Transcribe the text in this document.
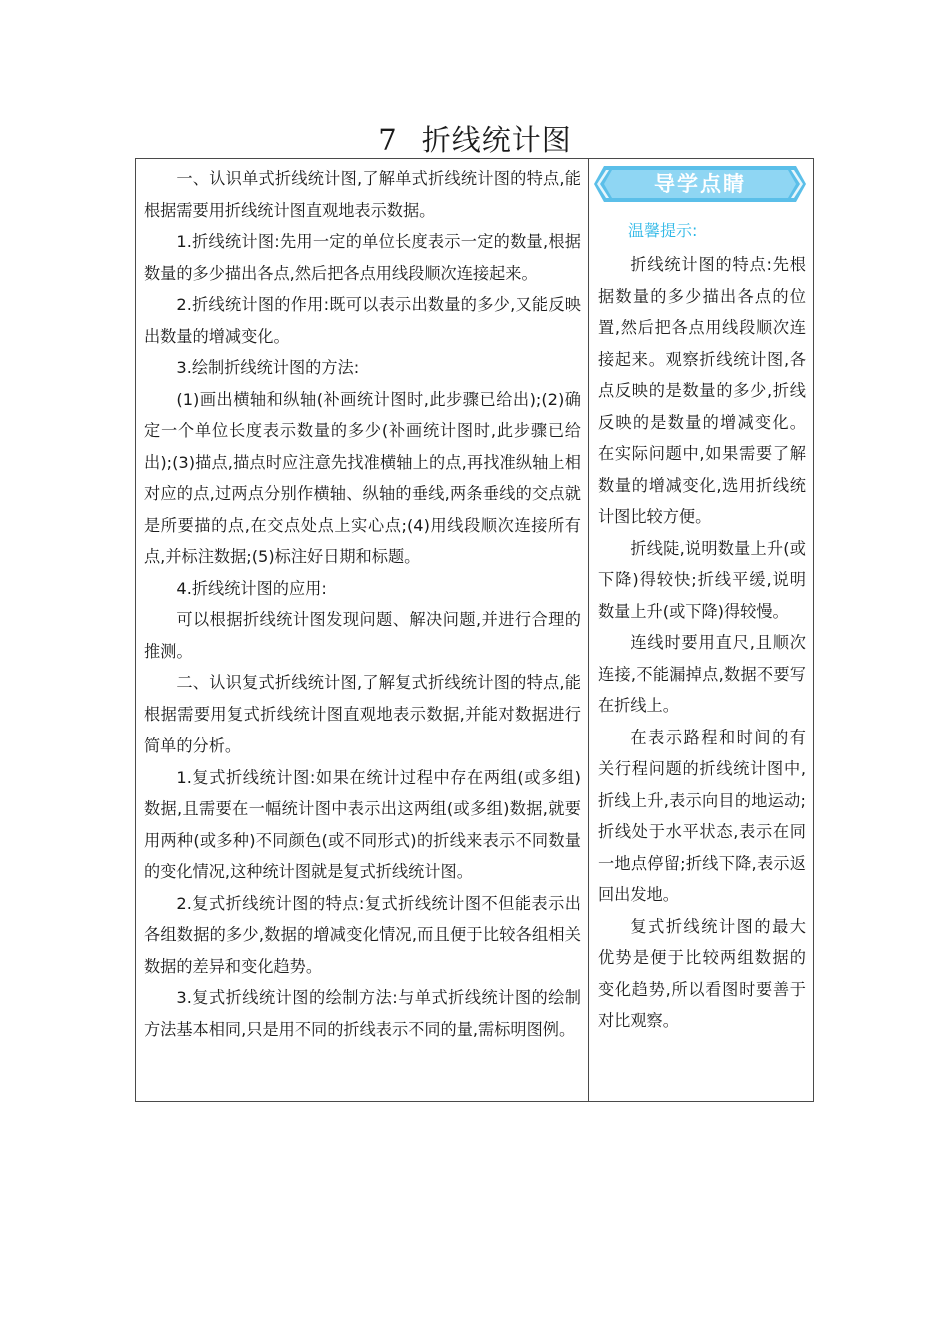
7 折线统计图

一、认识单式折线统计图,了解单式折线统计图的特点,能根据需要用折线统计图直观地表示数据。

1.折线统计图:先用一定的单位长度表示一定的数量,根据数量的多少描出各点,然后把各点用线段顺次连接起来。

2.折线统计图的作用:既可以表示出数量的多少,又能反映出数量的增减变化。

3.绘制折线统计图的方法:

(1)画出横轴和纵轴(补画统计图时,此步骤已给出);(2)确定一个单位长度表示数量的多少(补画统计图时,此步骤已给出);(3)描点,描点时应注意先找准横轴上的点,再找准纵轴上相对应的点,过两点分别作横轴、纵轴的垂线,两条垂线的交点就是所要描的点,在交点处点上实心点;(4)用线段顺次连接所有点,并标注数据;(5)标注好日期和标题。

4.折线统计图的应用:

可以根据折线统计图发现问题、解决问题,并进行合理的推测。

二、认识复式折线统计图,了解复式折线统计图的特点,能根据需要用复式折线统计图直观地表示数据,并能对数据进行简单的分析。

1.复式折线统计图:如果在统计过程中存在两组(或多组)数据,且需要在一幅统计图中表示出这两组(或多组)数据,就要用两种(或多种)不同颜色(或不同形式)的折线来表示不同数量的变化情况,这种统计图就是复式折线统计图。

2.复式折线统计图的特点:复式折线统计图不但能表示出各组数据的多少,数据的增减变化情况,而且便于比较各组相关数据的差异和变化趋势。

3.复式折线统计图的绘制方法:与单式折线统计图的绘制方法基本相同,只是用不同的折线表示不同的量,需标明图例。

导学点睛
温馨提示:

折线统计图的特点:先根据数量的多少描出各点的位置,然后把各点用线段顺次连接起来。观察折线统计图,各点反映的是数量的多少,折线反映的是数量的增减变化。在实际问题中,如果需要了解数量的增减变化,选用折线统计图比较方便。

折线陡,说明数量上升(或下降)得较快;折线平缓,说明数量上升(或下降)得较慢。

连线时要用直尺,且顺次连接,不能漏掉点,数据不要写在折线上。

在表示路程和时间的有关行程问题的折线统计图中,折线上升,表示向目的地运动;折线处于水平状态,表示在同一地点停留;折线下降,表示返回出发地。

复式折线统计图的最大优势是便于比较两组数据的变化趋势,所以看图时要善于对比观察。
